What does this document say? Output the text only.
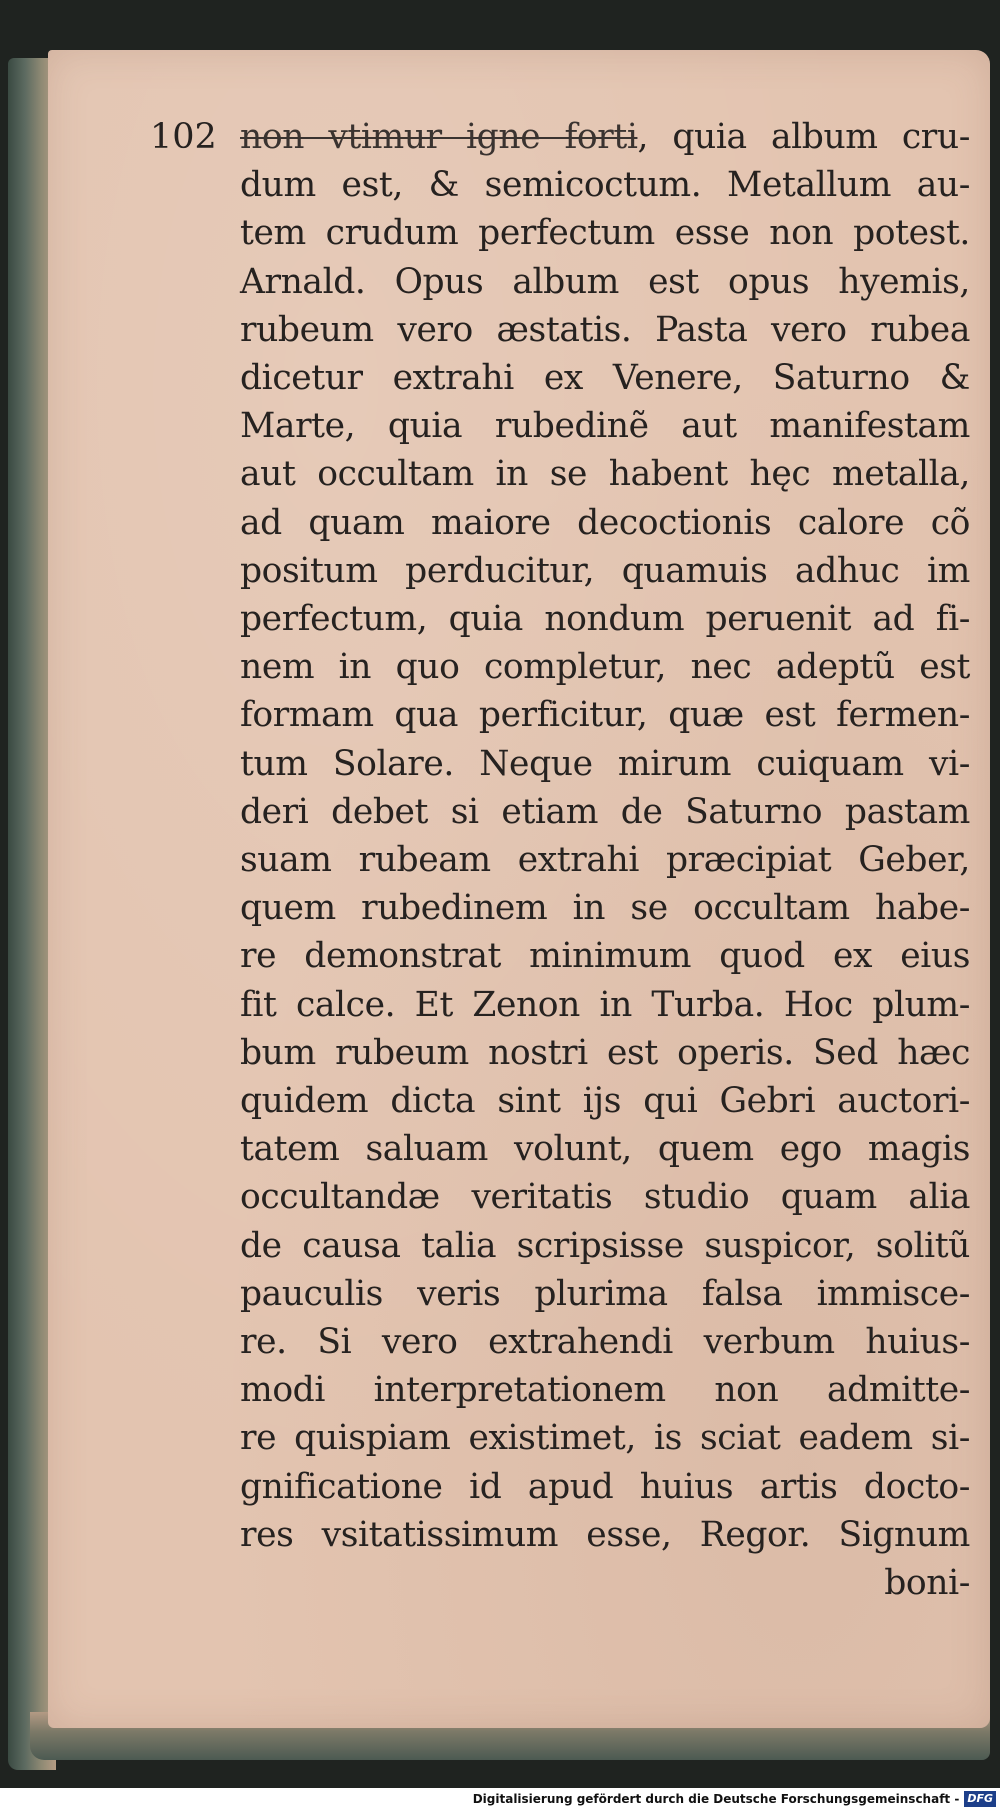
102 non vtimur igne forti, quia album cru-
dum est, & semicoctum. Metallum au-
tem crudum perfectum esse non potest.
Arnald. Opus album est opus hyemis,
rubeum vero æstatis. Pasta vero rubea
dicetur extrahi ex Venere, Saturno &
Marte, quia rubedinẽ aut manifestam
aut occultam in se habent hęc metalla,
ad quam maiore decoctionis calore cõ
positum perducitur, quamuis adhuc im
perfectum, quia nondum peruenit ad fi-
nem in quo completur, nec adeptũ est
formam qua perficitur, quæ est fermen-
tum Solare. Neque mirum cuiquam vi-
deri debet si etiam de Saturno pastam
suam rubeam extrahi præcipiat Geber,
quem rubedinem in se occultam habe-
re demonstrat minimum quod ex eius
fit calce. Et Zenon in Turba. Hoc plum-
bum rubeum nostri est operis. Sed hæc
quidem dicta sint ijs qui Gebri auctori-
tatem saluam volunt, quem ego magis
occultandæ veritatis studio quam alia
de causa talia scripsisse suspicor, solitũ
pauculis veris plurima falsa immisce-
re. Si vero extrahendi verbum huius-
modi interpretationem non admitte-
re quispiam existimet, is sciat eadem si-
gnificatione id apud huius artis docto-
res vsitatissimum esse, Regor. Signum
boni-
Digitalisierung gefördert durch die Deutsche Forschungsgemeinschaft - DFG
